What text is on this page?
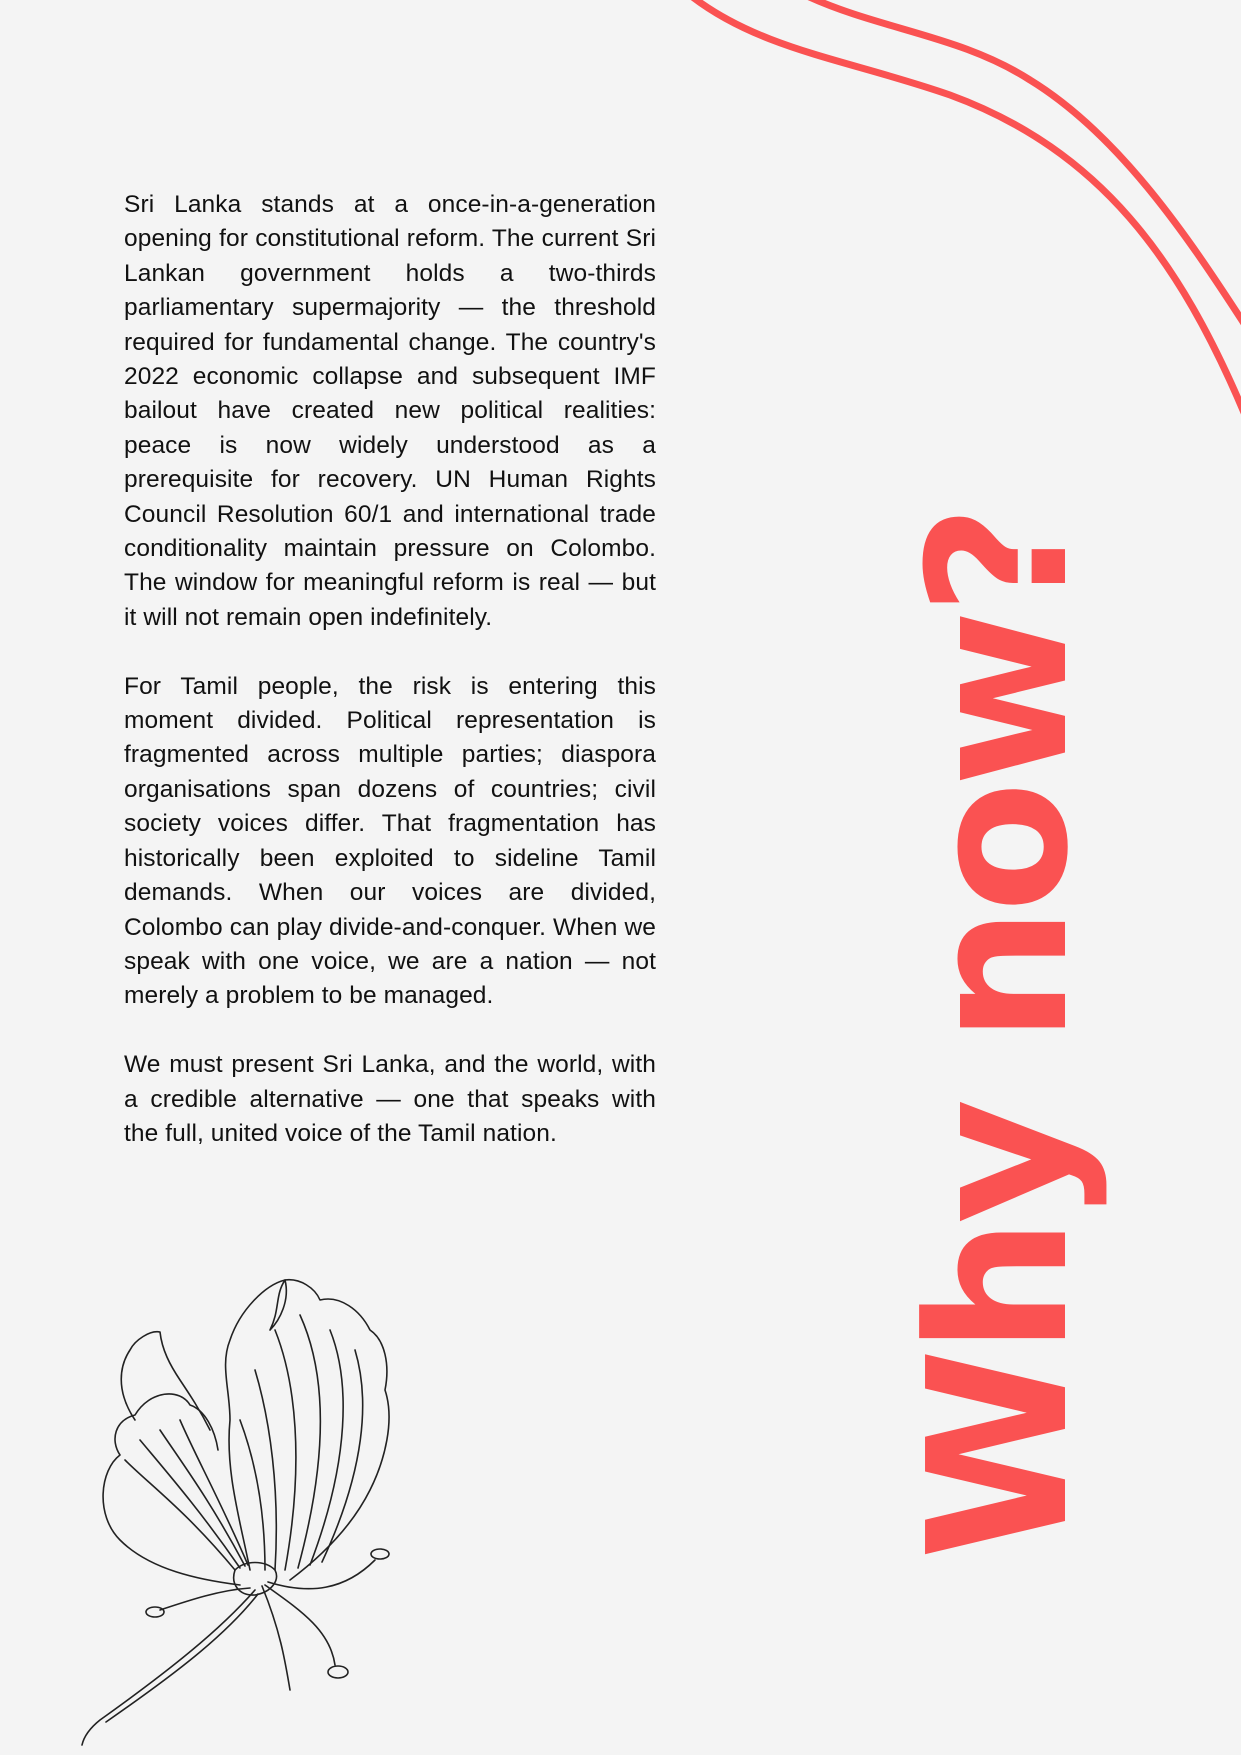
Sri Lanka stands at a once-in-a-generation opening for constitutional reform. The current Sri Lankan government holds a two-thirds parliamentary supermajority — the threshold required for fundamental change. The country's 2022 economic collapse and subsequent IMF bailout have created new political realities: peace is now widely understood as a prerequisite for recovery. UN Human Rights Council Resolution 60/1 and international trade conditionality maintain pressure on Colombo. The window for meaningful reform is real — but it will not remain open indefinitely.

For Tamil people, the risk is entering this moment divided. Political representation is fragmented across multiple parties; diaspora organisations span dozens of countries; civil society voices differ. That fragmentation has historically been exploited to sideline Tamil demands. When our voices are divided, Colombo can play divide-and-conquer. When we speak with one voice, we are a nation — not merely a problem to be managed.

We must present Sri Lanka, and the world, with a credible alternative — one that speaks with the full, united voice of the Tamil nation.	Why now?
